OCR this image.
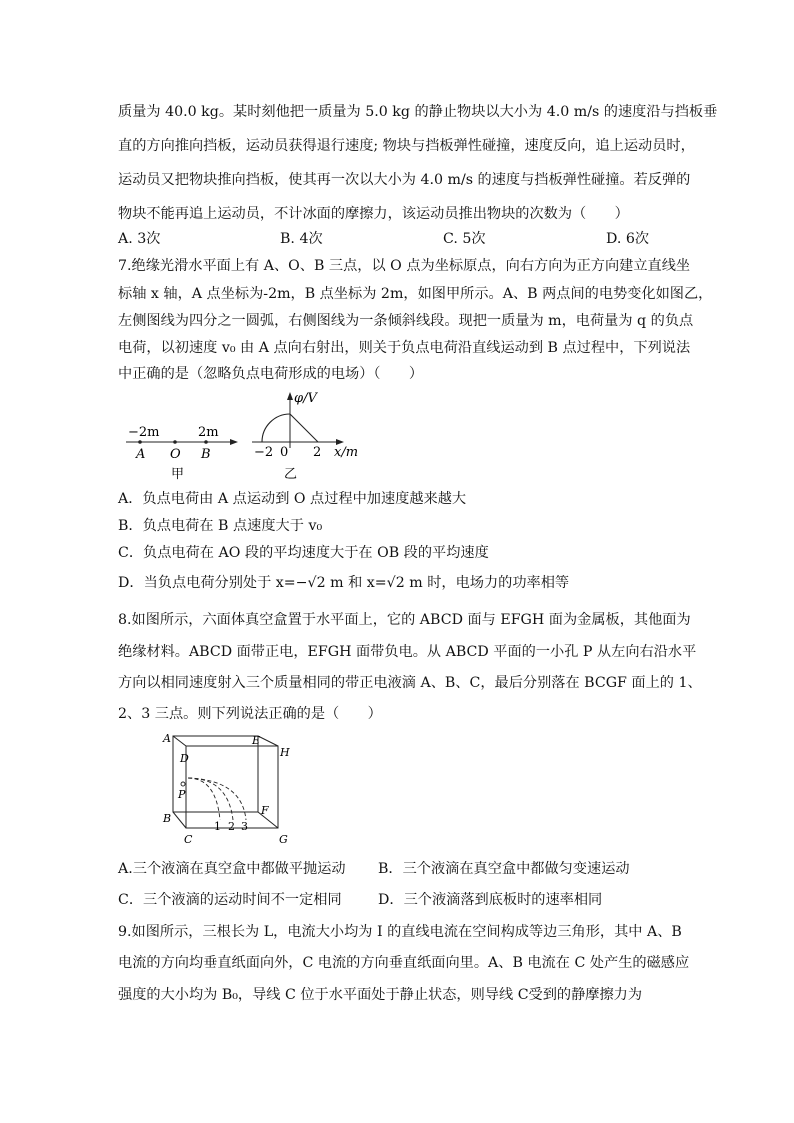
质量为 40.0 kg。某时刻他把一质量为 5.0 kg 的静止物块以大小为 4.0 m/s 的速度沿与挡板垂
直的方向推向挡板，运动员获得退行速度; 物块与挡板弹性碰撞，速度反向，追上运动员时，
运动员又把物块推向挡板，使其再一次以大小为 4.0 m/s 的速度与挡板弹性碰撞。若反弹的
物块不能再追上运动员，不计冰面的摩擦力，该运动员推出物块的次数为（　　）
A. 3次	B. 4次	C. 5次	D. 6次
7.绝缘光滑水平面上有 A、O、B 三点，以 O 点为坐标原点，向右方向为正方向建立直线坐
标轴 x 轴，A 点坐标为-2m，B 点坐标为 2m，如图甲所示。A、B 两点间的电势变化如图乙，
左侧图线为四分之一圆弧，右侧图线为一条倾斜线段。现把一质量为 m，电荷量为 q 的负点
电荷，以初速度 v₀ 由 A 点向右射出，则关于负点电荷沿直线运动到 B 点过程中，下列说法
中正确的是（忽略负点电荷形成的电场）（　　）
−2m	2m
A O B
甲
φ/V
x/m
−2 0 2
乙
A．负点电荷由 A 点运动到 O 点过程中加速度越来越大
B．负点电荷在 B 点速度大于 v₀
C．负点电荷在 AO 段的平均速度大于在 OB 段的平均速度
D．当负点电荷分别处于 x=−√2 m 和 x=√2 m 时，电场力的功率相等
8.如图所示，六面体真空盒置于水平面上，它的 ABCD 面与 EFGH 面为金属板，其他面为
绝缘材料。ABCD 面带正电，EFGH 面带负电。从 ABCD 平面的一小孔 P 从左向右沿水平
方向以相同速度射入三个质量相同的带正电液滴 A、B、C，最后分别落在 BCGF 面上的 1、
2、3 三点。则下列说法正确的是（　　）
A
D
E
H
P
B
F
C	G
1 2 3
A.三个液滴在真空盒中都做平抛运动 B．三个液滴在真空盒中都做匀变速运动
C．三个液滴的运动时间不一定相同	D．三个液滴落到底板时的速率相同
9.如图所示，三根长为 L，电流大小均为 I 的直线电流在空间构成等边三角形，其中 A、B
电流的方向均垂直纸面向外，C 电流的方向垂直纸面向里。A、B 电流在 C 处产生的磁感应
强度的大小均为 B₀，导线 C 位于水平面处于静止状态，则导线 C受到的静摩擦力为
